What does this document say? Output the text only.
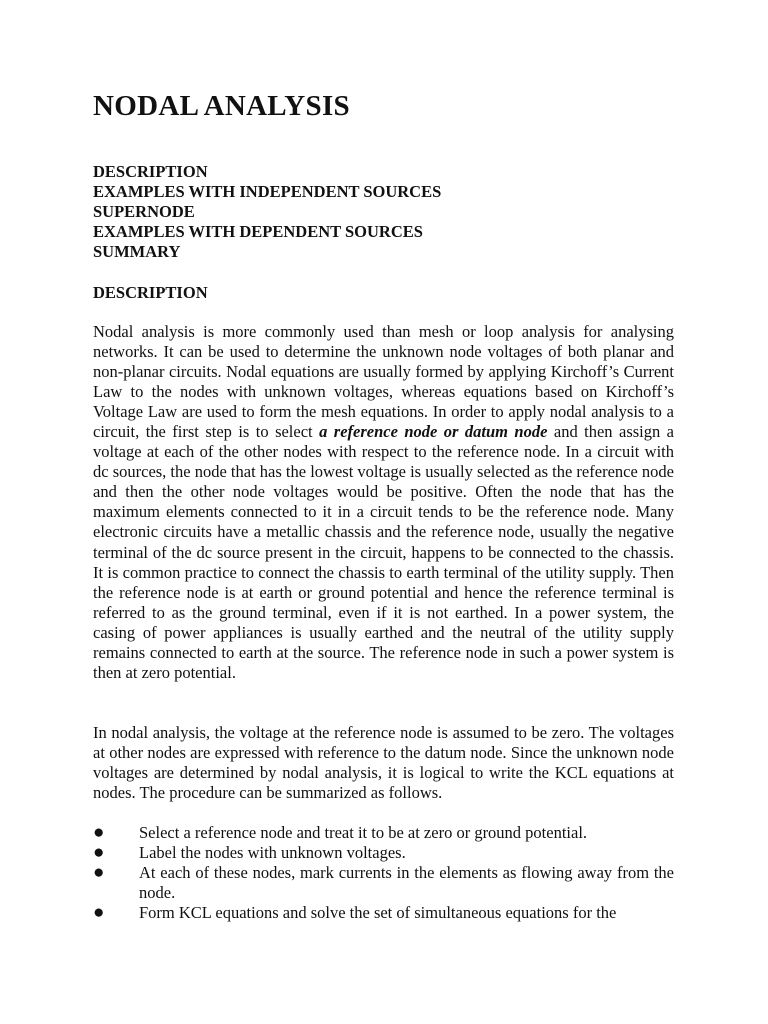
NODAL ANALYSIS
DESCRIPTION
EXAMPLES WITH INDEPENDENT SOURCES
SUPERNODE
EXAMPLES WITH DEPENDENT SOURCES
SUMMARY
DESCRIPTION

Nodal analysis is more commonly used than mesh or loop analysis for analysing networks. It can be used to determine the unknown node voltages of both planar and non-planar circuits. Nodal equations are usually formed by applying Kirchoff’s Current Law to the nodes with unknown voltages, whereas equations based on Kirchoff’s Voltage Law are used to form the mesh equations. In order to apply nodal analysis to a circuit, the first step is to select a reference node or datum node and then assign a voltage at each of the other nodes with respect to the reference node. In a circuit with dc sources, the node that has the lowest voltage is usually selected as the reference node and then the other node voltages would be positive. Often the node that has the maximum elements connected to it in a circuit tends to be the reference node. Many electronic circuits have a metallic chassis and the reference node, usually the negative terminal of the dc source present in the circuit, happens to be connected to the chassis. It is common practice to connect the chassis to earth terminal of the utility supply. Then the reference node is at earth or ground potential and hence the reference terminal is referred to as the ground terminal, even if it is not earthed. In a power system, the casing of power appliances is usually earthed and the neutral of the utility supply remains connected to earth at the source. The reference node in such a power system is then at zero potential.

In nodal analysis, the voltage at the reference node is assumed to be zero. The voltages at other nodes are expressed with reference to the datum node. Since the unknown node voltages are determined by nodal analysis, it is logical to write the KCL equations at nodes. The procedure can be summarized as follows.

●	Select a reference node and treat it to be at zero or ground potential.
●	Label the nodes with unknown voltages.
●	At each of these nodes, mark currents in the elements as flowing away from the node.
●	Form KCL equations and solve the set of simultaneous equations for the
